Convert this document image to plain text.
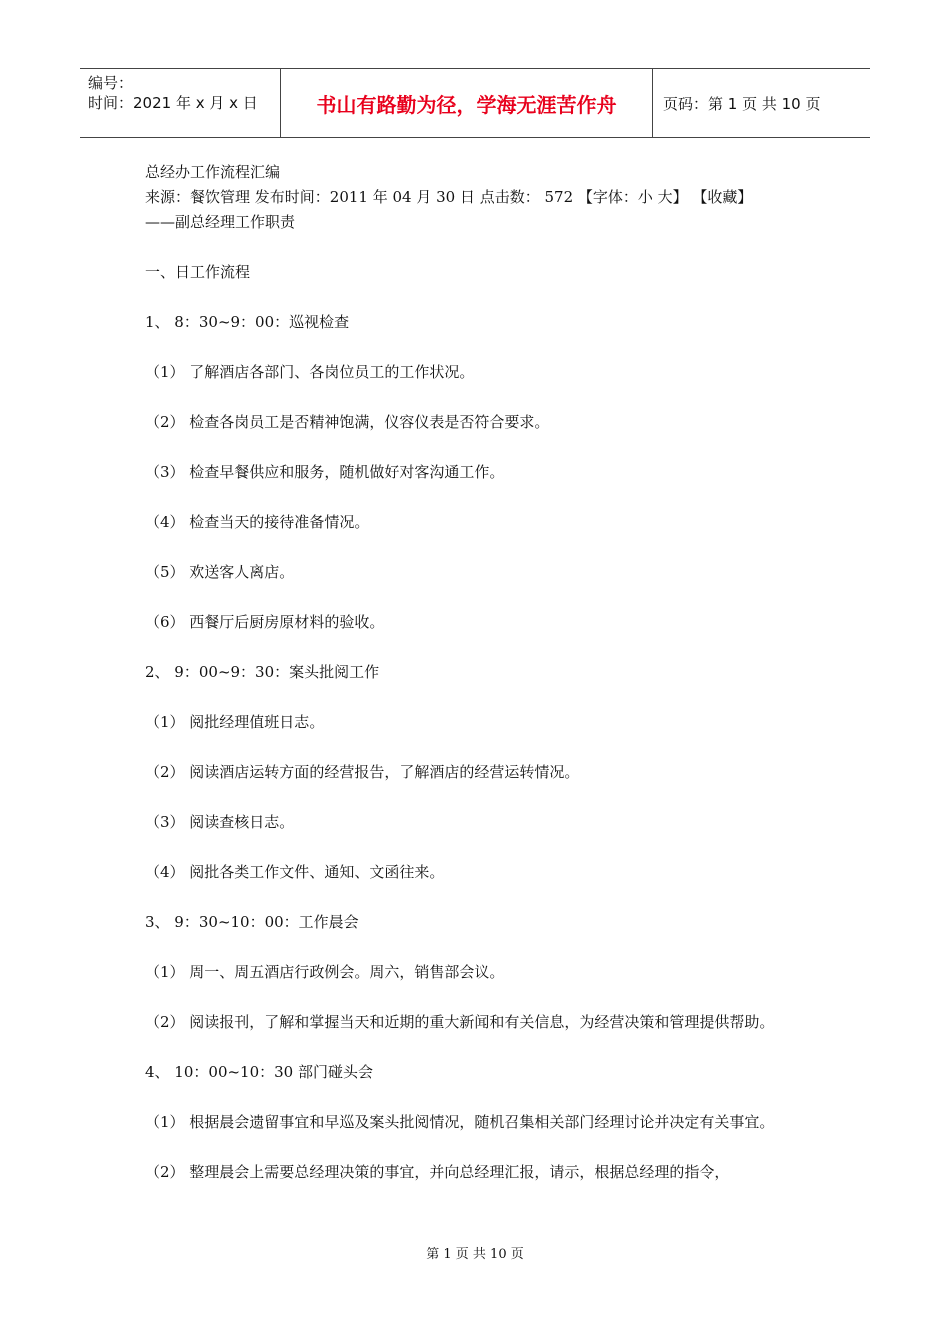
编号：
时间：2021 年 x 月 x 日	书山有路勤为径，学海无涯苦作舟	页码：第 1 页 共 10 页

总经办工作流程汇编

来源：餐饮管理 发布时间：2011 年 04 月 30 日 点击数： 572 【字体：小 大】 【收藏】

——副总经理工作职责

一、日工作流程

1、 8：30~9：00：巡视检查

（1） 了解酒店各部门、各岗位员工的工作状况。

（2） 检查各岗员工是否精神饱满，仪容仪表是否符合要求。

（3） 检查早餐供应和服务，随机做好对客沟通工作。

（4） 检查当天的接待准备情况。

（5） 欢送客人离店。

（6） 西餐厅后厨房原材料的验收。

2、 9：00~9：30：案头批阅工作

（1） 阅批经理值班日志。

（2） 阅读酒店运转方面的经营报告，了解酒店的经营运转情况。

（3） 阅读查核日志。

（4） 阅批各类工作文件、通知、文函往来。

3、 9：30~10：00：工作晨会

（1） 周一、周五酒店行政例会。周六，销售部会议。

（2） 阅读报刊，了解和掌握当天和近期的重大新闻和有关信息，为经营决策和管理提供帮助。

4、 10：00~10：30 部门碰头会

（1） 根据晨会遗留事宜和早巡及案头批阅情况，随机召集相关部门经理讨论并决定有关事宜。

（2） 整理晨会上需要总经理决策的事宜，并向总经理汇报，请示，根据总经理的指令，

第 1 页 共 10 页
